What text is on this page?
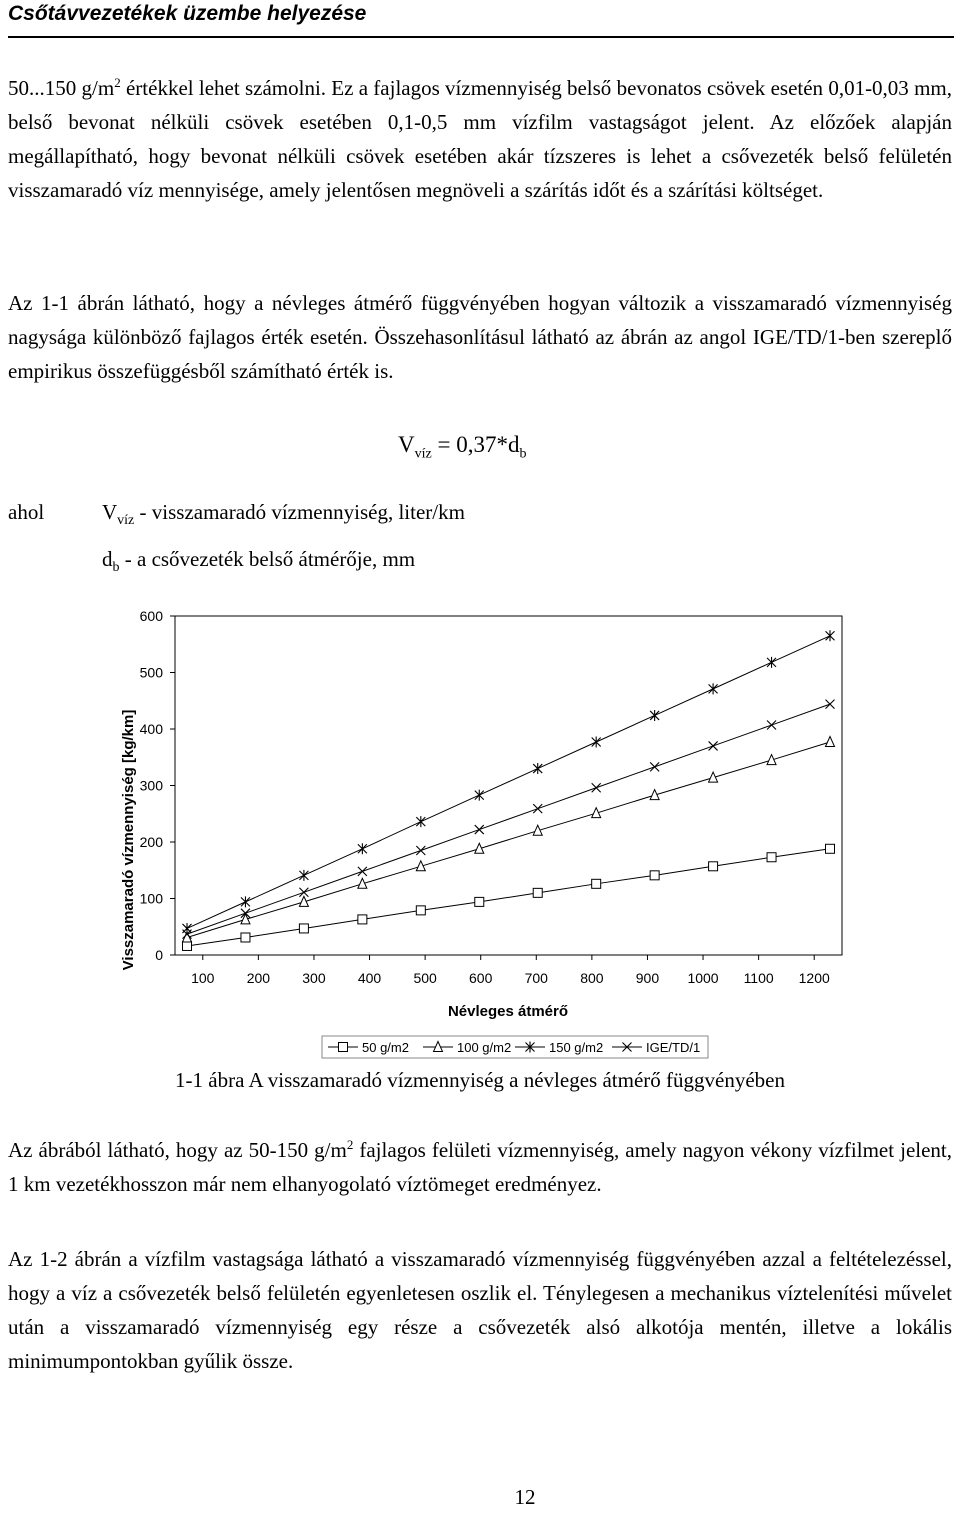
Csőtávvezetékek üzembe helyezése
50...150 $g/m^2$ értékkel lehet számolni. Ez a fajlagos vízmennyiség belső bevonatos csövek esetén 0,01-0,03 mm, belső bevonat nélküli csövek esetében 0,1-0,5 mm vízfilm vastagságot jelent. Az előzőek alapján megállapítható, hogy bevonat nélküli csövek esetében akár tízszeres is lehet a csővezeték belső felületén visszamaradó víz mennyisége, amely jelentősen megnöveli a szárítás időt és a szárítási költséget.
Az 1-1 ábrán látható, hogy a névleges átmérő függvényében hogyan változik a visszamaradó vízmennyiség nagysága különböző fajlagos érték esetén. Összehasonlításul látható az ábrán az angol IGE/TD/1-ben szereplő empirikus összefüggésből számítható érték is.
$V_{víz} = 0,37*d_b$
ahol	$V_{víz}$ - visszamaradó vízmennyiség, liter/km
$d_b$ - a csővezeték belső átmérője, mm
0
100
200
300
400
500
600
100 200 300 400 500 600 700 800 900 1000 1100 1200
Visszamaradó vízmennyiség [kg/km]
Névleges átmérő
50 g/m2	100 g/m2	150 g/m2	IGE/TD/1
1-1 ábra A visszamaradó vízmennyiség a névleges átmérő függvényében
Az ábrából látható, hogy az 50-150 $g/m^2$ fajlagos felületi vízmennyiség, amely nagyon vékony vízfilmet jelent, 1 km vezetékhosszon már nem elhanyogolató víztömeget eredményez.
Az 1-2 ábrán a vízfilm vastagsága látható a visszamaradó vízmennyiség függvényében azzal a feltételezéssel, hogy a víz a csővezeték belső felületén egyenletesen oszlik el. Ténylegesen a mechanikus víztelenítési művelet után a visszamaradó vízmennyiség egy része a csővezeték alsó alkotója mentén, illetve a lokális minimumpontokban gyűlik össze.
12
